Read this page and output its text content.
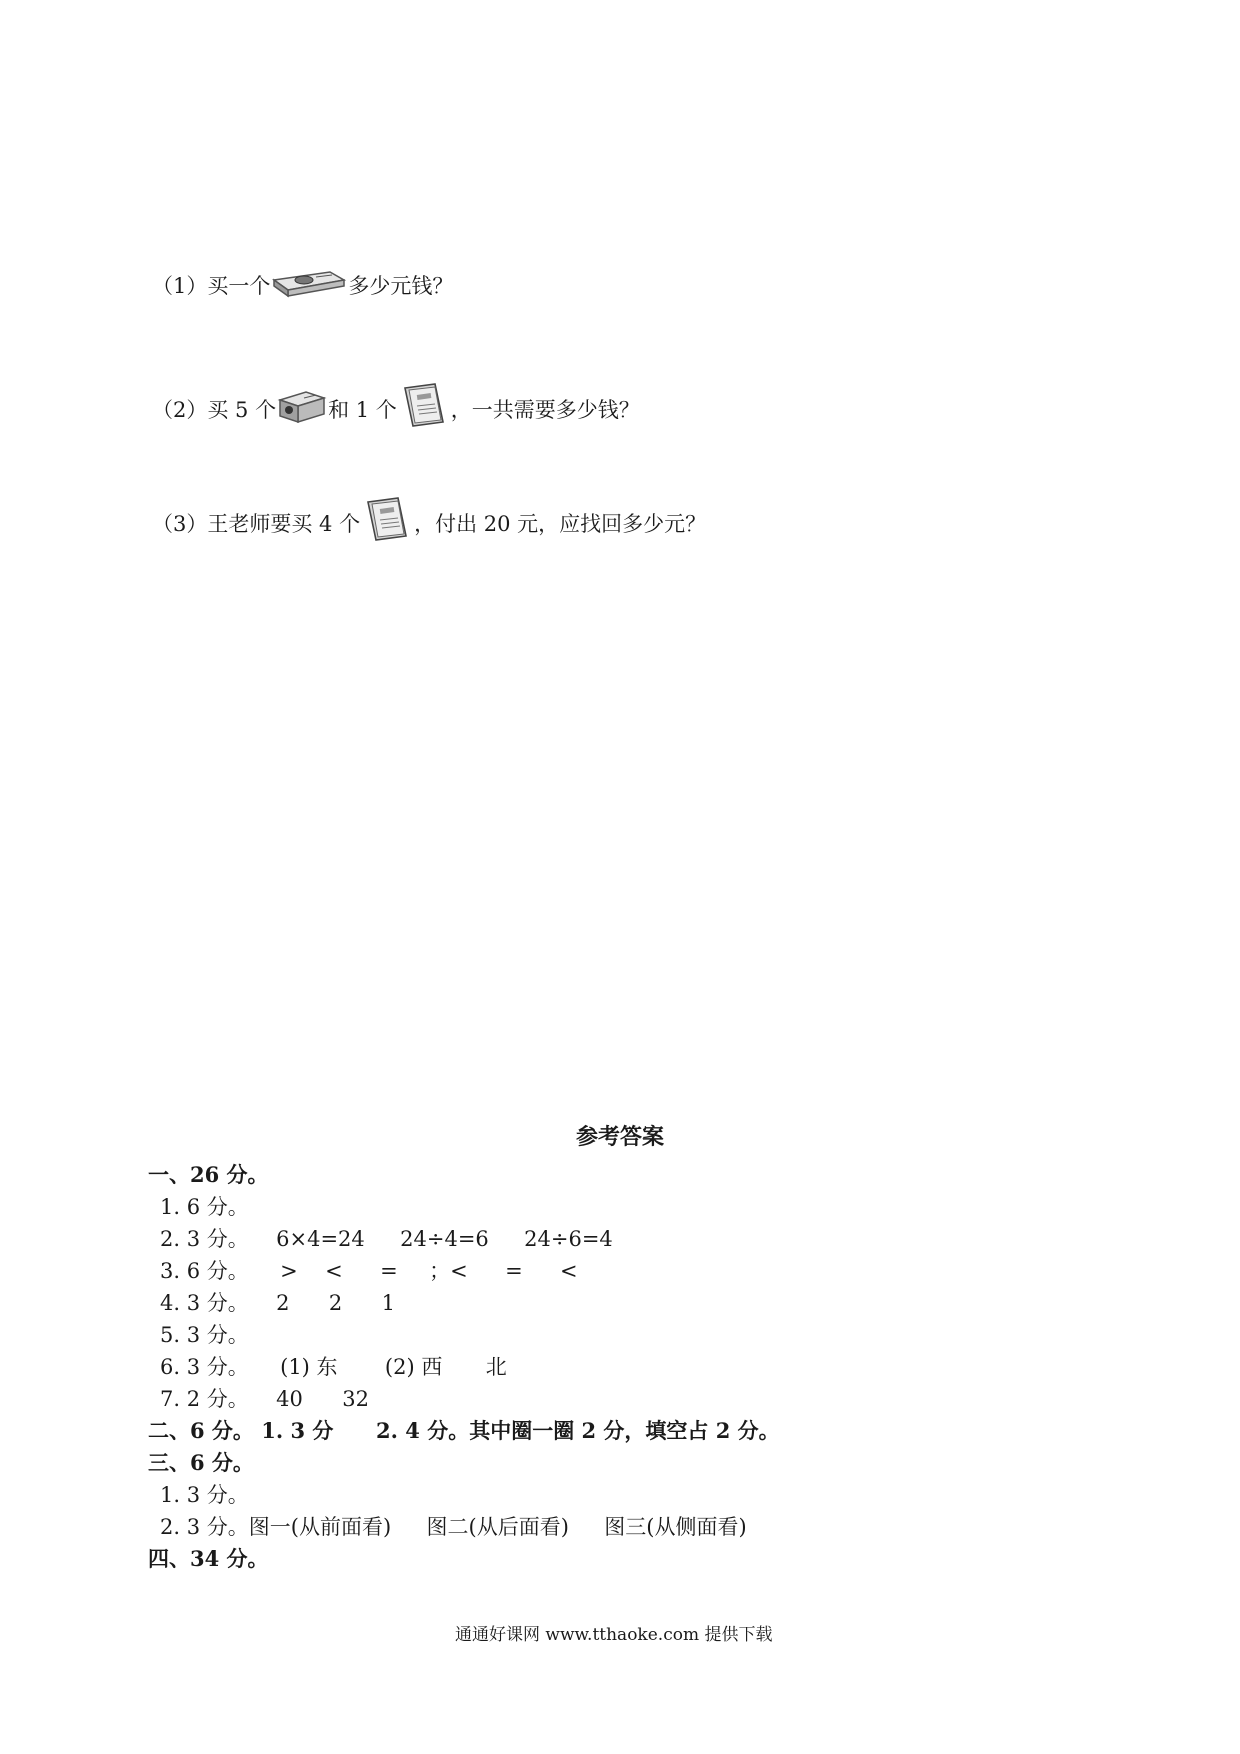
（1）买一个	多少元钱？
（2）买 5 个 和 1 个	，一共需要多少钱？
（3）王老师要买 4 个	，付出 20 元，应找回多少元？
参考答案
一、26 分。
1. 6 分。
2. 3 分。 6×4=24 24÷4=6 24÷6=4
3. 6 分。 > < = ；< = <
4. 3 分。 2 2 1
5. 3 分。
6. 3 分。 (1) 东 (2) 西 北
7. 2 分。 40 32
二、6 分。 1. 3 分 2. 4 分。其中圈一圈 2 分，填空占 2 分。
三、6 分。
1. 3 分。
2. 3 分。图一(从前面看) 图二(从后面看) 图三(从侧面看)
四、34 分。
通通好课网 www.tthaoke.com 提供下载
